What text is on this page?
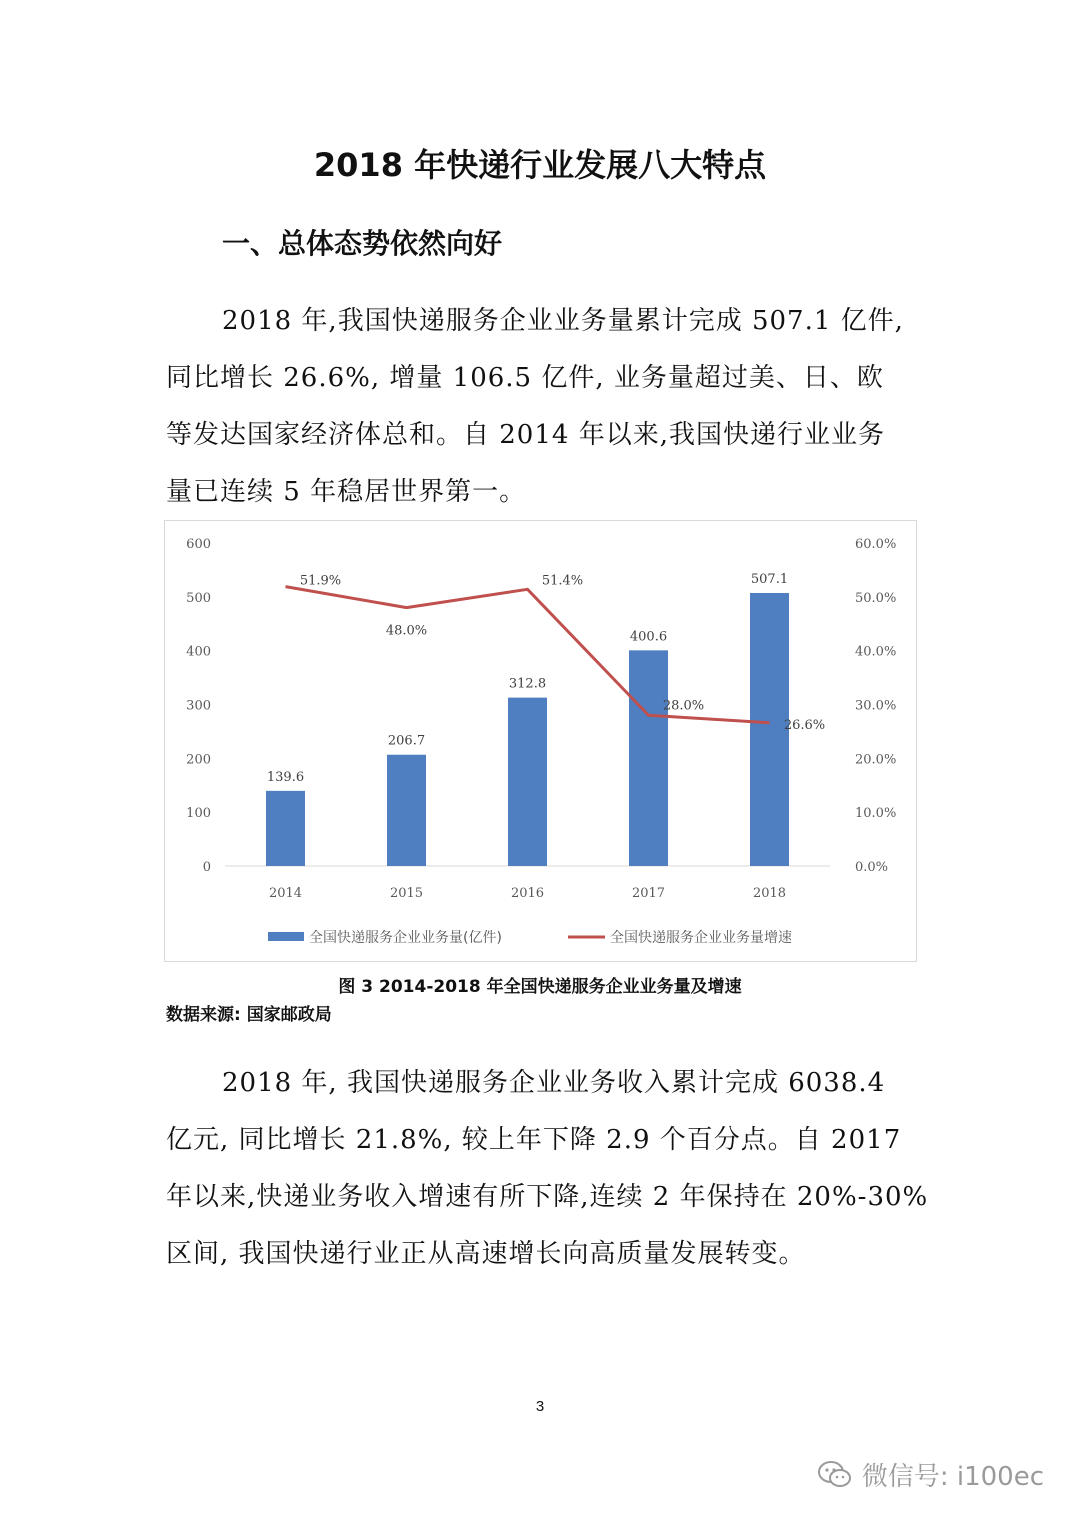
2018 年快递行业发展八大特点
一、总体态势依然向好

2018 年,我国快递服务企业业务量累计完成 507.1 亿件,
同比增长 26.6%, 增量 106.5 亿件, 业务量超过美、日、欧
等发达国家经济体总和。自 2014 年以来,我国快递行业业务
量已连续 5 年稳居世界第一。

0
100
200
300
400
500
600
0.0%
10.0%
20.0%
30.0%
40.0%
50.0%
60.0%
139.6
206.7
312.8
400.6
507.1
2014	2015	2016	2017	2018
51.9%
48.0%
51.4%
28.0%
26.6%
全国快递服务企业业务量(亿件)	全国快递服务企业业务量增速
图 3 2014-2018 年全国快递服务企业业务量及增速
数据来源: 国家邮政局

2018 年, 我国快递服务企业业务收入累计完成 6038.4
亿元, 同比增长 21.8%, 较上年下降 2.9 个百分点。自 2017
年以来,快递业务收入增速有所下降,连续 2 年保持在 20%-30%
区间, 我国快递行业正从高速增长向高质量发展转变。

3
微信号: i100ec
